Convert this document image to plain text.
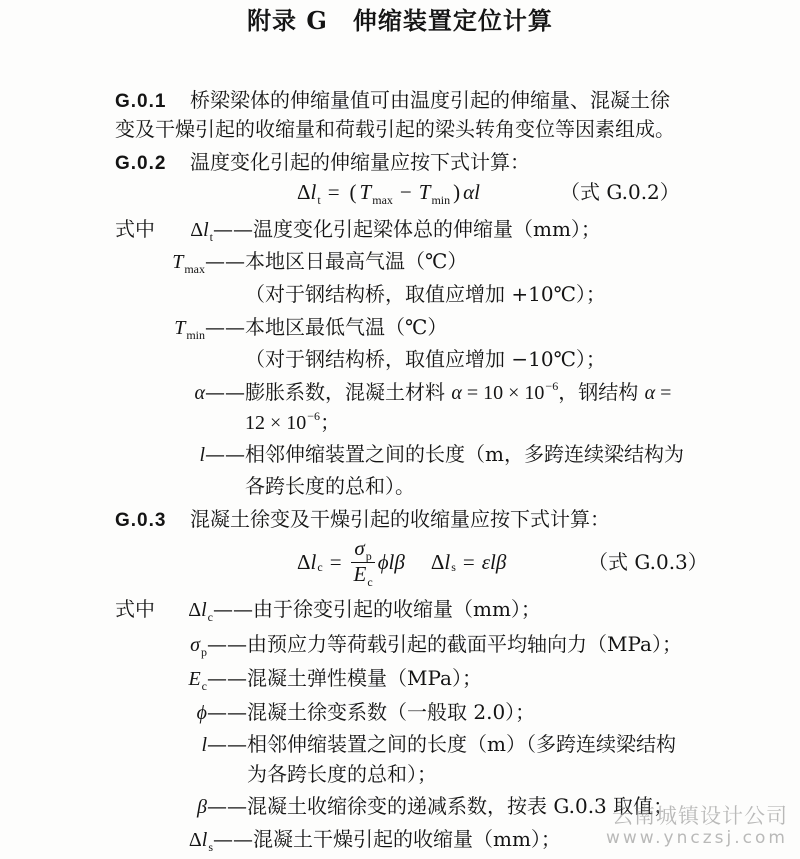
附录 G　伸缩装置定位计算
G.0.1 桥梁梁体的伸缩量值可由温度引起的伸缩量、混凝土徐
变及干燥引起的收缩量和荷载引起的梁头转角变位等因素组成。
G.0.2 温度变化引起的伸缩量应按下式计算：
$\Delta l_t$ = ( $T_{max} - T_{min}$ ) αl	（式 G.0.2）
式中	$\Delta l_t——$温度变化引起梁体总的伸缩量（mm）；
$T_{max}——$本地区日最高气温（℃）
（对于钢结构桥，取值应增加 +10℃）；
$T_{min}——$本地区最低气温（℃）
（对于钢结构桥，取值应增加 −10℃）；
α——膨胀系数，混凝土材料 $\alpha = 10 \times 10^{-6}$，钢结构 α =
$12 \times 10^{-6}$；
l——相邻伸缩装置之间的长度（m，多跨连续梁结构为
各跨长度的总和）。
G.0.3 混凝土徐变及干燥引起的收缩量应按下式计算：
Δ l $c = \frac{\sigma_p}{E_c}$ ϕlβ Δ l s = εlβ	（式 G.0.3）
式中	$\Delta l_c——$由于徐变引起的收缩量（mm）；
$\sigma_p——$由预应力等荷载引起的截面平均轴向力（MPa）；
$E_c——$混凝土弹性模量（MPa）；
ϕ——混凝土徐变系数（一般取 2.0）；
l——相邻伸缩装置之间的长度（m）（多跨连续梁结构
为各跨长度的总和）；
β——混凝土收缩徐变的递减系数，按表 G.0.3 取值；
$\Delta l_s——$混凝土干燥引起的收缩量（mm）；
云南城镇设计公司
www.ynczsj.com
